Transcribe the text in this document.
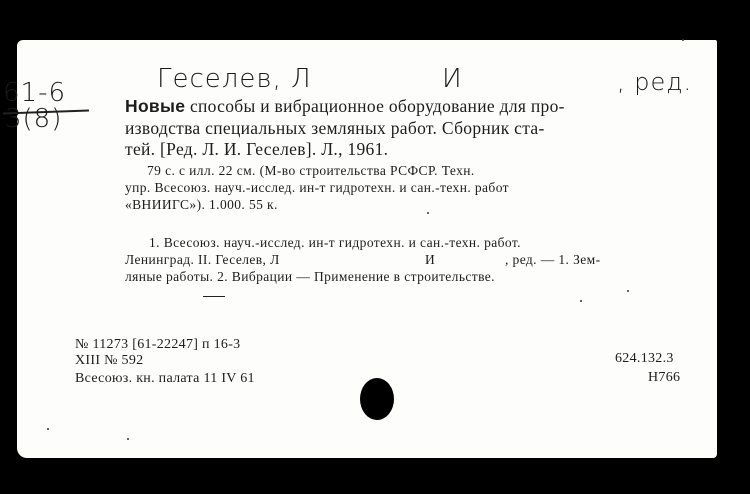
61-6
3(8)
Геселев, Л	И	, ред.
Новые способы и вибрационное оборудование для про-
изводства специальных земляных работ. Сборник ста-
тей. [Ред. Л. И. Геселев]. Л., 1961.
79 с. с илл. 22 см. (М-во строительства РСФСР. Техн.
упр. Всесоюз. науч.-исслед. ин-т гидротехн. и сан.-техн. работ
«ВНИИГС»). 1.000. 55 к.
1. Всесоюз. науч.-исслед. ин-т гидротехн. и сан.-техн. работ.
Ленинград. II. Геселев, Л	И	, ред. — 1. Зем-
ляные работы. 2. Вибрации — Применение в строительстве.
№ 11273 [61-22247] п 16-3
XIII № 592
Всесоюз. кн. палата 11 IV 61
624.132.3
Н766
